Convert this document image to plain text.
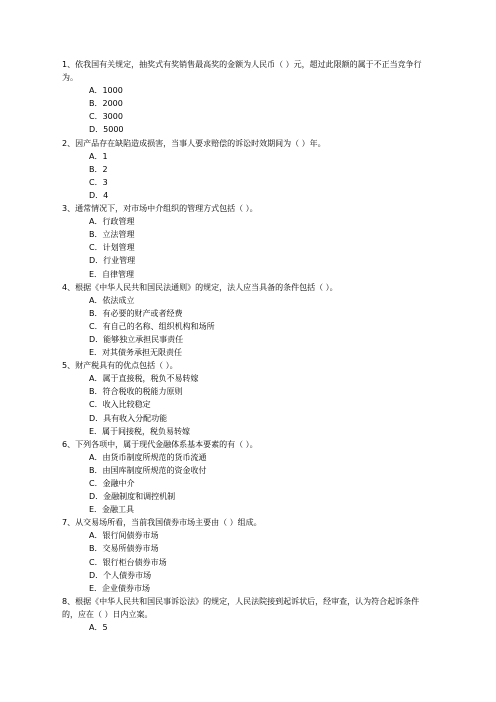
1、依我国有关规定，抽奖式有奖销售最高奖的金额为人民币（ ）元，超过此限额的属于不正当竞争行为。
A．1000
B．2000
C．3000
D．5000
2、因产品存在缺陷造成损害，当事人要求赔偿的诉讼时效期间为（ ）年。
A．1
B．2
C．3
D．4
3、通常情况下，对市场中介组织的管理方式包括（ ）。
A．行政管理
B．立法管理
C．计划管理
D．行业管理
E．自律管理
4、根据《中华人民共和国民法通则》的规定，法人应当具备的条件包括（ ）。
A．依法成立
B．有必要的财产或者经费
C．有自己的名称、组织机构和场所
D．能够独立承担民事责任
E．对其债务承担无限责任
5、财产税具有的优点包括（ ）。
A．属于直接税，税负不易转嫁
B．符合税收的税能力原则
C．收入比较稳定
D．具有收入分配功能
E．属于间接税，税负易转嫁
6、下列各项中，属于现代金融体系基本要素的有（ ）。
A．由货币制度所规范的货币流通
B．由国库制度所规范的资金收付
C．金融中介
D．金融制度和调控机制
E．金融工具
7、从交易场所看，当前我国债券市场主要由（ ）组成。
A．银行间债券市场
B．交易所债券市场
C．银行柜台债券市场
D．个人债券市场
E．企业债券市场
8、根据《中华人民共和国民事诉讼法》的规定，人民法院接到起诉状后，经审查，认为符合起诉条件的，应在（ ）日内立案。
A．5
